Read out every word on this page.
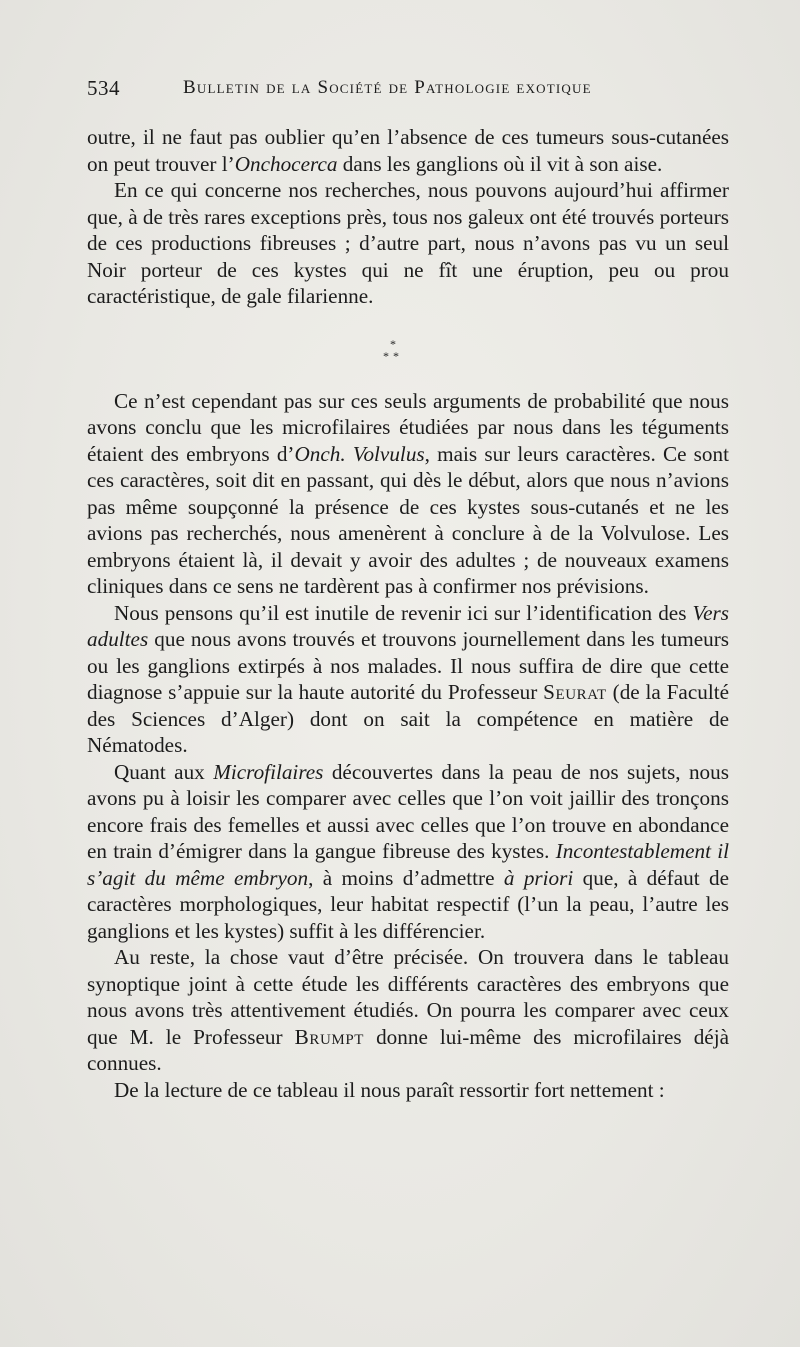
534	Bulletin de la Société de Pathologie exotique

outre, il ne faut pas oublier qu’en l’absence de ces tumeurs sous-cutanées on peut trouver l’Onchocerca dans les ganglions où il vit à son aise.

En ce qui concerne nos recherches, nous pouvons aujourd’hui affirmer que, à de très rares exceptions près, tous nos galeux ont été trouvés porteurs de ces productions fibreuses ; d’autre part, nous n’avons pas vu un seul Noir porteur de ces kystes qui ne fît une éruption, peu ou prou caractéristique, de gale filarienne.

*
**

Ce n’est cependant pas sur ces seuls arguments de probabilité que nous avons conclu que les microfilaires étudiées par nous dans les téguments étaient des embryons d’Onch. Volvulus, mais sur leurs caractères. Ce sont ces caractères, soit dit en passant, qui dès le début, alors que nous n’avions pas même soupçonné la présence de ces kystes sous-cutanés et ne les avions pas recherchés, nous amenèrent à conclure à de la Volvulose. Les embryons étaient là, il devait y avoir des adultes ; de nouveaux examens cliniques dans ce sens ne tardèrent pas à confirmer nos prévisions.

Nous pensons qu’il est inutile de revenir ici sur l’identification des Vers adultes que nous avons trouvés et trouvons journellement dans les tumeurs ou les ganglions extirpés à nos malades. Il nous suffira de dire que cette diagnose s’appuie sur la haute autorité du Professeur Seurat (de la Faculté des Sciences d’Alger) dont on sait la compétence en matière de Nématodes.

Quant aux Microfilaires découvertes dans la peau de nos sujets, nous avons pu à loisir les comparer avec celles que l’on voit jaillir des tronçons encore frais des femelles et aussi avec celles que l’on trouve en abondance en train d’émigrer dans la gangue fibreuse des kystes. Incontestablement il s’agit du même embryon, à moins d’admettre à priori que, à défaut de caractères morphologiques, leur habitat respectif (l’un la peau, l’autre les ganglions et les kystes) suffit à les différencier.

Au reste, la chose vaut d’être précisée. On trouvera dans le tableau synoptique joint à cette étude les différents caractères des embryons que nous avons très attentivement étudiés. On pourra les comparer avec ceux que M. le Professeur Brumpt donne lui-même des microfilaires déjà connues.

De la lecture de ce tableau il nous paraît ressortir fort nettement :
